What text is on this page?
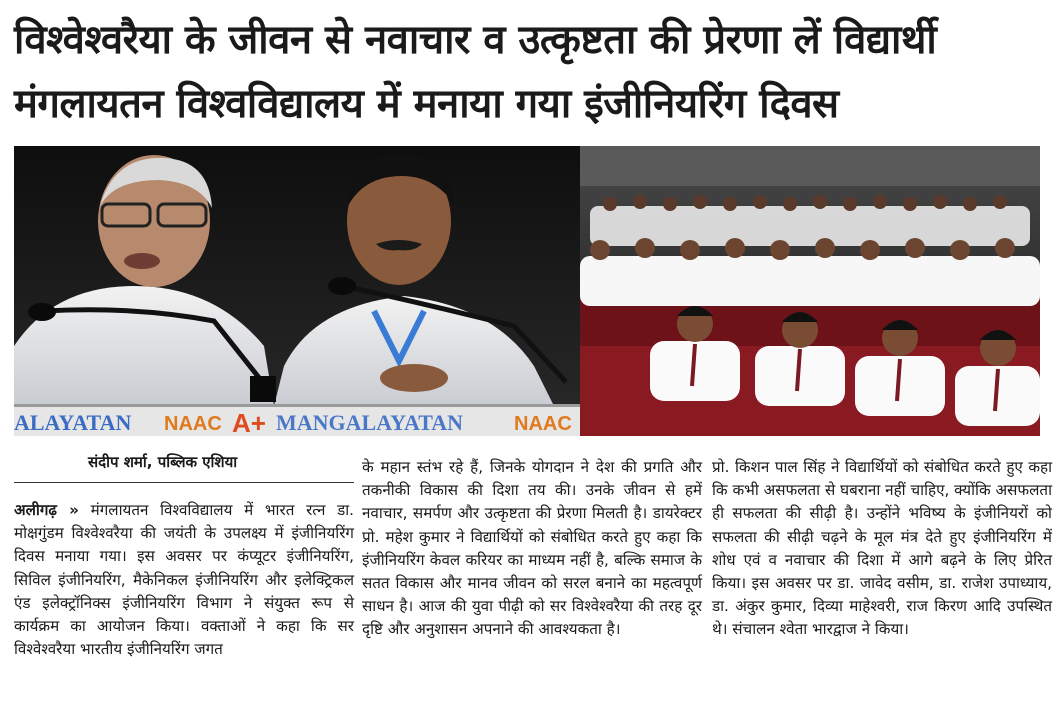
विश्वेश्वरैया के जीवन से नवाचार व उत्कृष्टता की प्रेरणा लें विद्यार्थी
मंगलायतन विश्वविद्यालय में मनाया गया इंजीनियरिंग दिवस
ALAYATAN NAAC A+ MANGALAYATAN	NAAC
संदीप शर्मा, पब्लिक एशिया
अलीगढ़ » मंगलायतन विश्वविद्यालय में भारत रत्न डा. मोक्षगुंडम विश्वेश्वरैया की जयंती के उपलक्ष्य में इंजीनियरिंग दिवस मनाया गया। इस अवसर पर कंप्यूटर इंजीनियरिंग, सिविल इंजीनियरिंग, मैकेनिकल इंजीनियरिंग और इलेक्ट्रिकल एंड इलेक्ट्रॉनिक्स इंजीनियरिंग विभाग ने संयुक्त रूप से कार्यक्रम का आयोजन किया। वक्ताओं ने कहा कि सर विश्वेश्वरैया भारतीय इंजीनियरिंग जगत
के महान स्तंभ रहे हैं, जिनके योगदान ने देश की प्रगति और तकनीकी विकास की दिशा तय की। उनके जीवन से हमें नवाचार, समर्पण और उत्कृष्टता की प्रेरणा मिलती है। डायरेक्टर प्रो. महेश कुमार ने विद्यार्थियों को संबोधित करते हुए कहा कि इंजीनियरिंग केवल करियर का माध्यम नहीं है, बल्कि समाज के सतत विकास और मानव जीवन को सरल बनाने का महत्वपूर्ण साधन है। आज की युवा पीढ़ी को सर विश्वेश्वरैया की तरह दूर दृष्टि और अनुशासन अपनाने की आवश्यकता है।
प्रो. किशन पाल सिंह ने विद्यार्थियों को संबोधित करते हुए कहा कि कभी असफलता से घबराना नहीं चाहिए, क्योंकि असफलता ही सफलता की सीढ़ी है। उन्होंने भविष्य के इंजीनियरों को सफलता की सीढ़ी चढ़ने के मूल मंत्र देते हुए इंजीनियरिंग में शोध एवं व नवाचार की दिशा में आगे बढ़ने के लिए प्रेरित किया। इस अवसर पर डा. जावेद वसीम, डा. राजेश उपाध्याय, डा. अंकुर कुमार, दिव्या माहेश्वरी, राज किरण आदि उपस्थित थे। संचालन श्वेता भारद्वाज ने किया।
